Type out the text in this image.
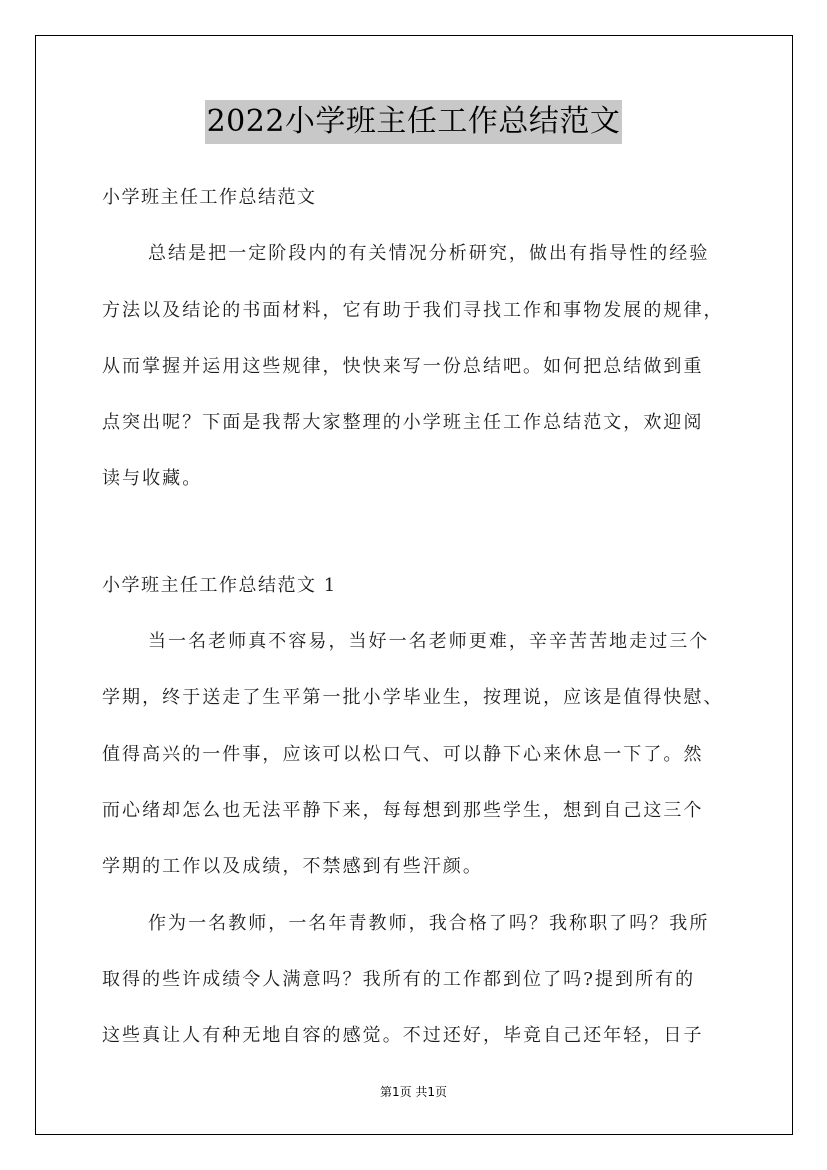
2022小学班主任工作总结范文
小学班主任工作总结范文
总结是把一定阶段内的有关情况分析研究，做出有指导性的经验
方法以及结论的书面材料，它有助于我们寻找工作和事物发展的规律，
从而掌握并运用这些规律，快快来写一份总结吧。如何把总结做到重
点突出呢？下面是我帮大家整理的小学班主任工作总结范文，欢迎阅
读与收藏。
小学班主任工作总结范文 1
当一名老师真不容易，当好一名老师更难，辛辛苦苦地走过三个
学期，终于送走了生平第一批小学毕业生，按理说，应该是值得快慰、
值得高兴的一件事，应该可以松口气、可以静下心来休息一下了。然
而心绪却怎么也无法平静下来，每每想到那些学生，想到自己这三个
学期的工作以及成绩，不禁感到有些汗颜。
作为一名教师，一名年青教师，我合格了吗？我称职了吗？我所
取得的些许成绩令人满意吗？我所有的工作都到位了吗?提到所有的
这些真让人有种无地自容的感觉。不过还好，毕竟自己还年轻，日子
第1页 共1页
